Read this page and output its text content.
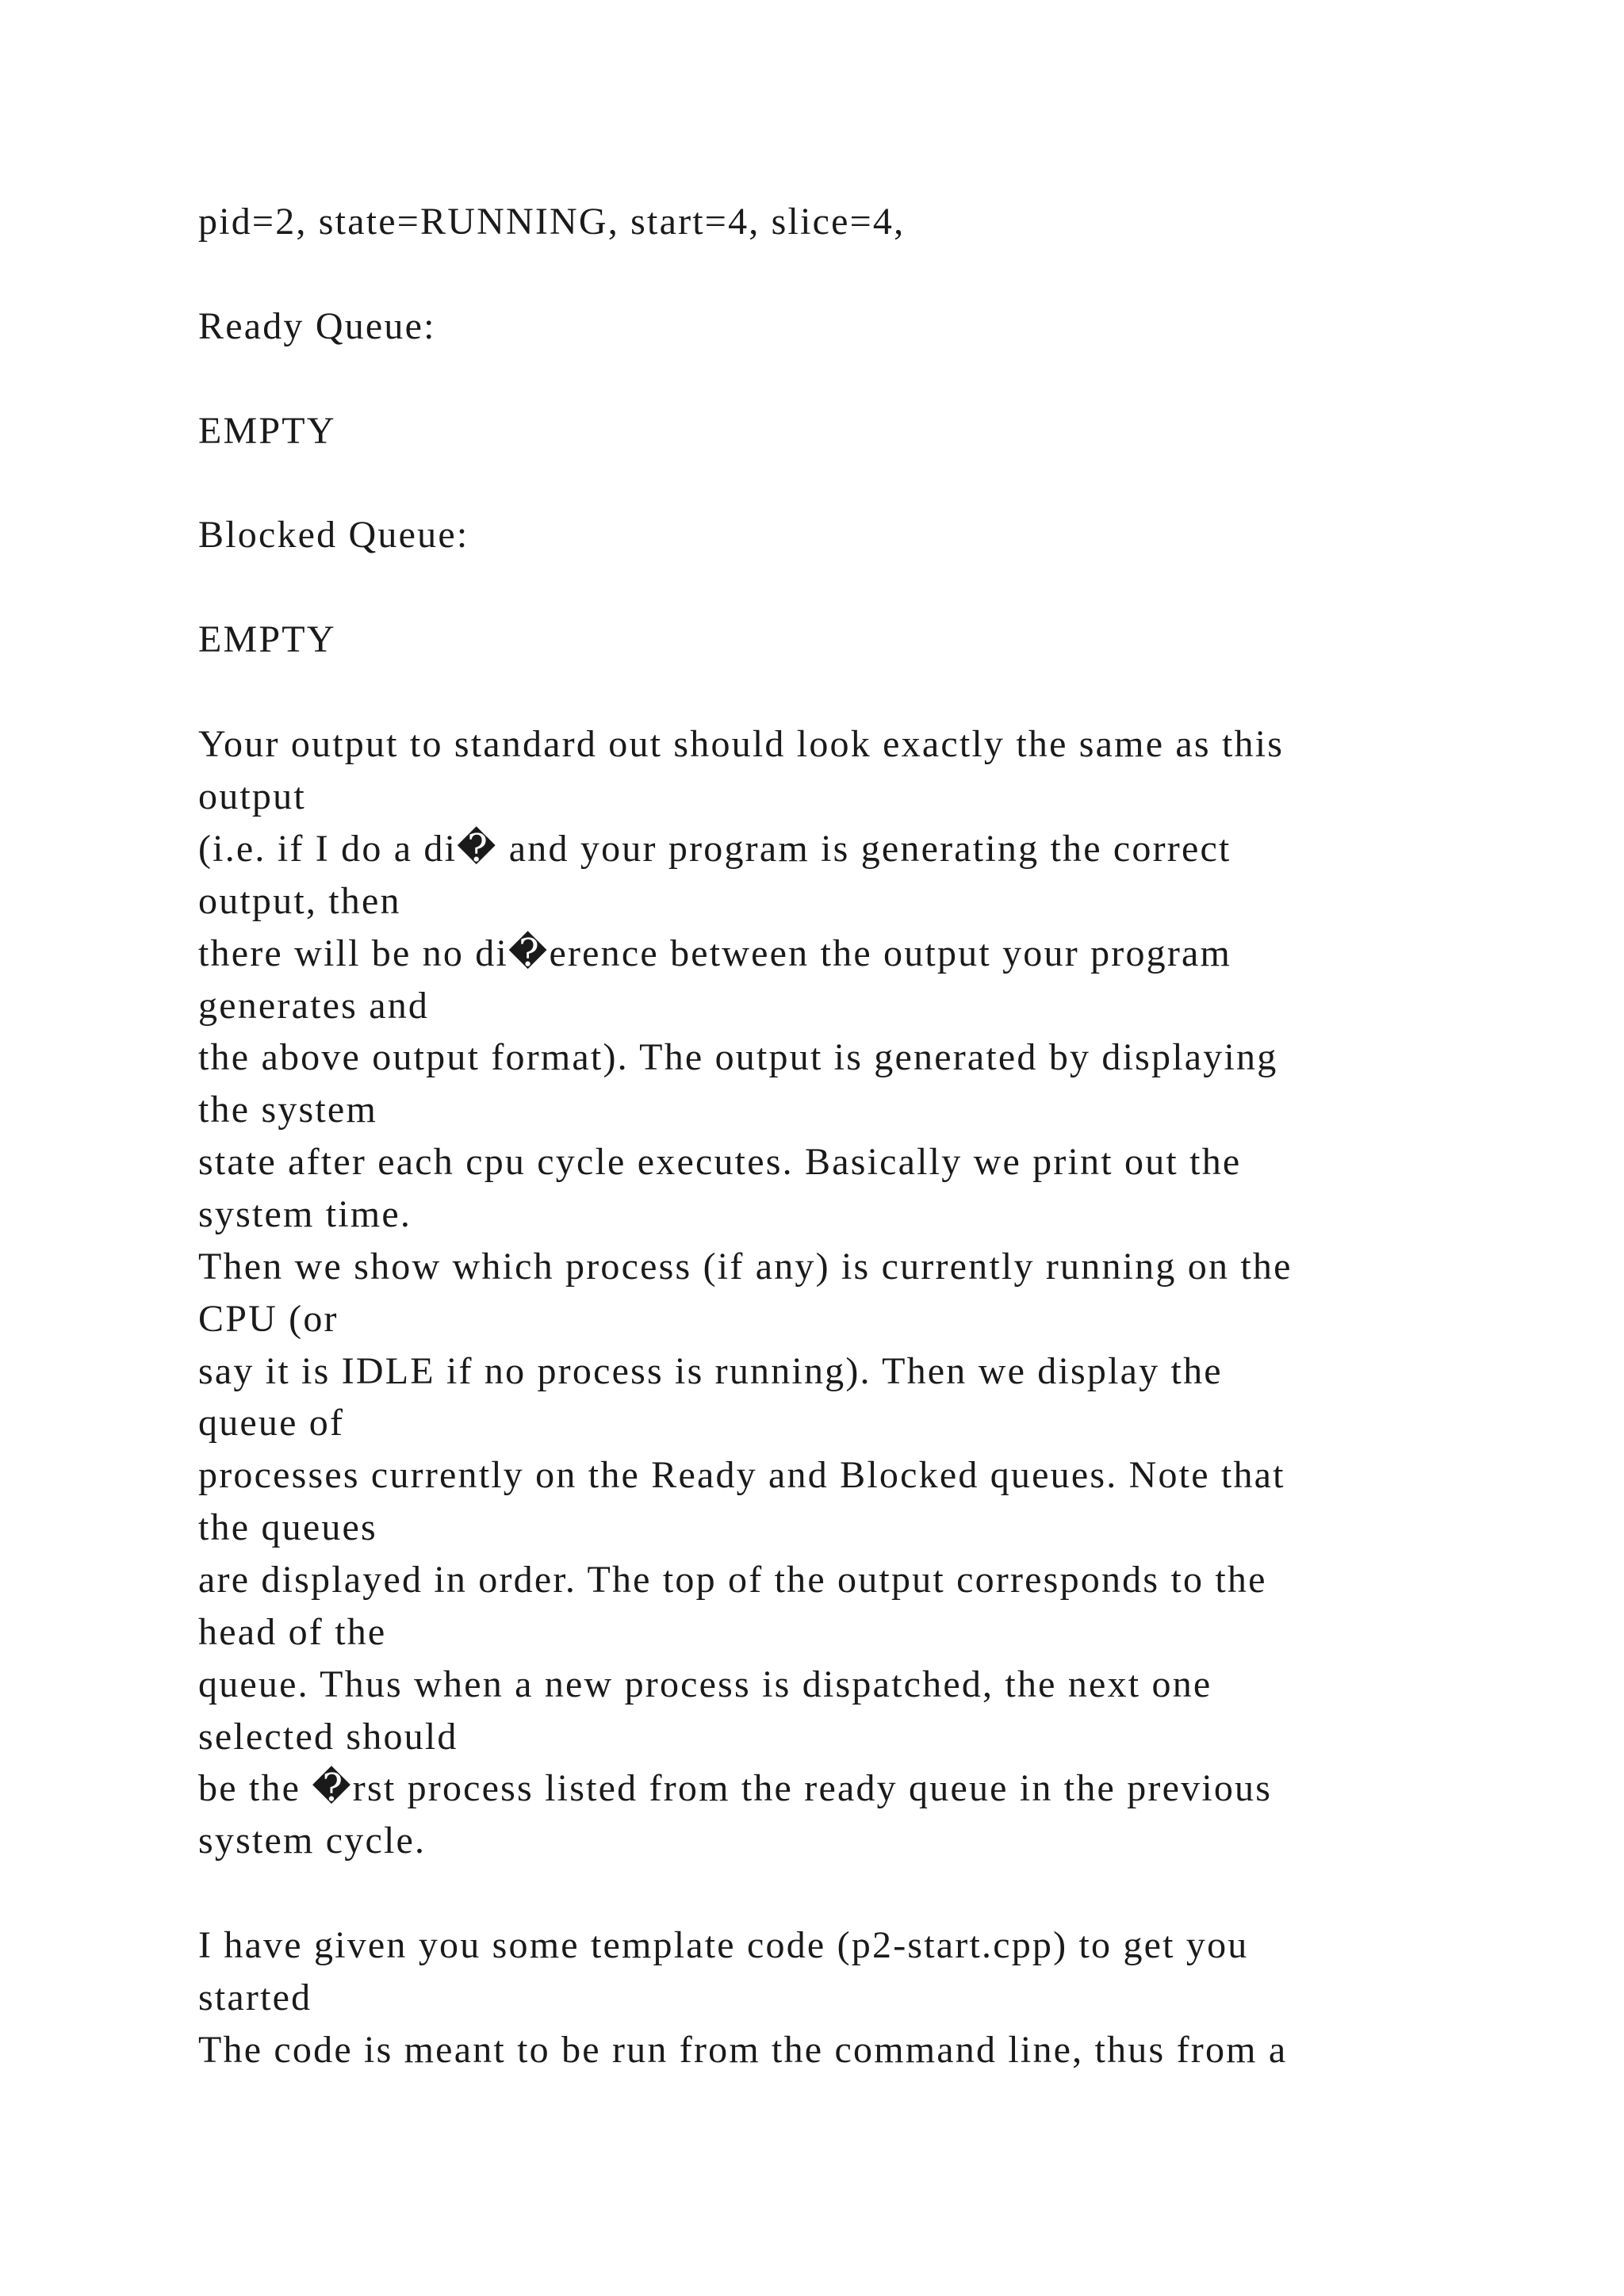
pid=2, state=RUNNING, start=4, slice=4,

Ready Queue:

EMPTY

Blocked Queue:

EMPTY

Your output to standard out should look exactly the same as this

output

(i.e. if I do a di� and your program is generating the correct

output, then

there will be no di�erence between the output your program

generates and

the above output format). The output is generated by displaying

the system

state after each cpu cycle executes. Basically we print out the

system time.

Then we show which process (if any) is currently running on the

CPU (or

say it is IDLE if no process is running). Then we display the

queue of

processes currently on the Ready and Blocked queues. Note that

the queues

are displayed in order. The top of the output corresponds to the

head of the

queue. Thus when a new process is dispatched, the next one

selected should

be the �rst process listed from the ready queue in the previous

system cycle.

I have given you some template code (p2-start.cpp) to get you

started

The code is meant to be run from the command line, thus from a
